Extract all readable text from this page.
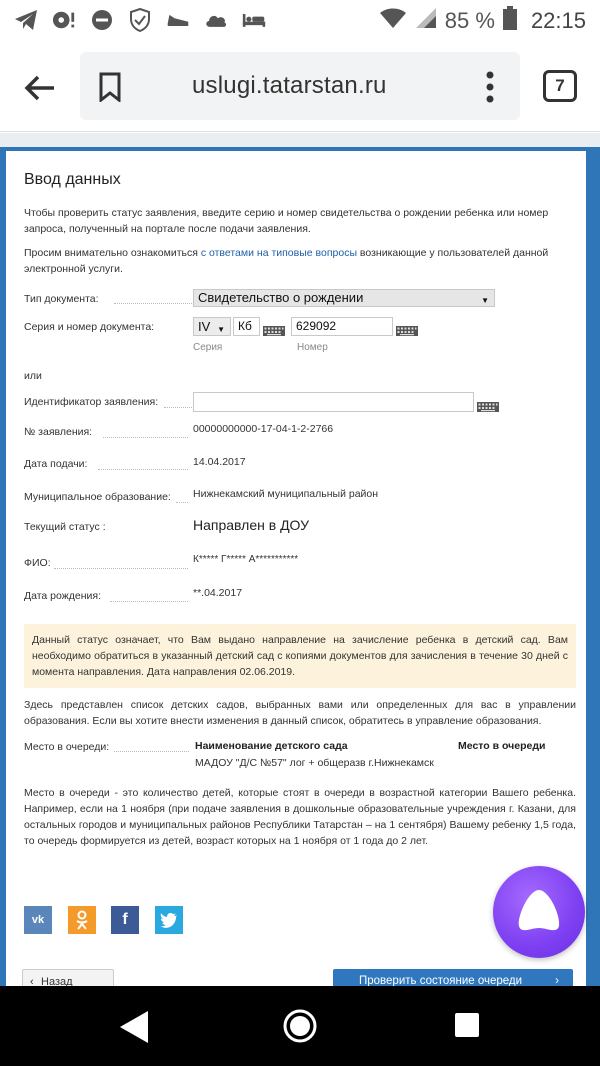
85 % 22:15
uslugi.tatarstan.ru	7
Ввод данных
Чтобы проверить статус заявления, введите серию и номер свидетельства о рождении ребенка или номер запроса, полученный на портале после подачи заявления.
Просим внимательно ознакомиться с ответами на типовые вопросы возникающие у пользователей данной электронной услуги.
Тип документа:	Свидетельство о рождении	▼
Серия и номер документа:	IV ▼	Кб	629092
Серия	Номер
или
Идентификатор заявления:
№ заявления:	00000000000-17-04-1-2-2766
Дата подачи:	14.04.2017
Муниципальное образование: Нижнекамский муниципальный район
Текущий статус :	Направлен в ДОУ
ФИО:	К***** Г***** А***********
Дата рождения:	**.04.2017
Данный статус означает, что Вам выдано направление на зачисление ребенка в детский сад. Вам необходимо обратиться в указанный детский сад с копиями документов для зачисления в течение 30 дней с момента направления. Дата направления 02.06.2019.
Здесь представлен список детских садов, выбранных вами или определенных для вас в управлении образования. Если вы хотите внести изменения в данный список, обратитесь в управление образования.
Место в очереди:	Наименование детского сада	Место в очереди
МАДОУ "Д/С №57" лог + общеразв г.Нижнекамск
Место в очереди - это количество детей, которые стоят в очереди в возрастной категории Вашего ребенка. Например, если на 1 ноября (при подаче заявления в дошкольные образовательные учреждения г. Казани, для остальных городов и муниципальных районов Республики Татарстан – на 1 сентября) Вашему ребенку 1,5 года, то очередь формируется из детей, возраст которых на 1 ноября от 1 года до 2 лет.
vk	f
‹ Назад	Проверить состояние очереди	›
